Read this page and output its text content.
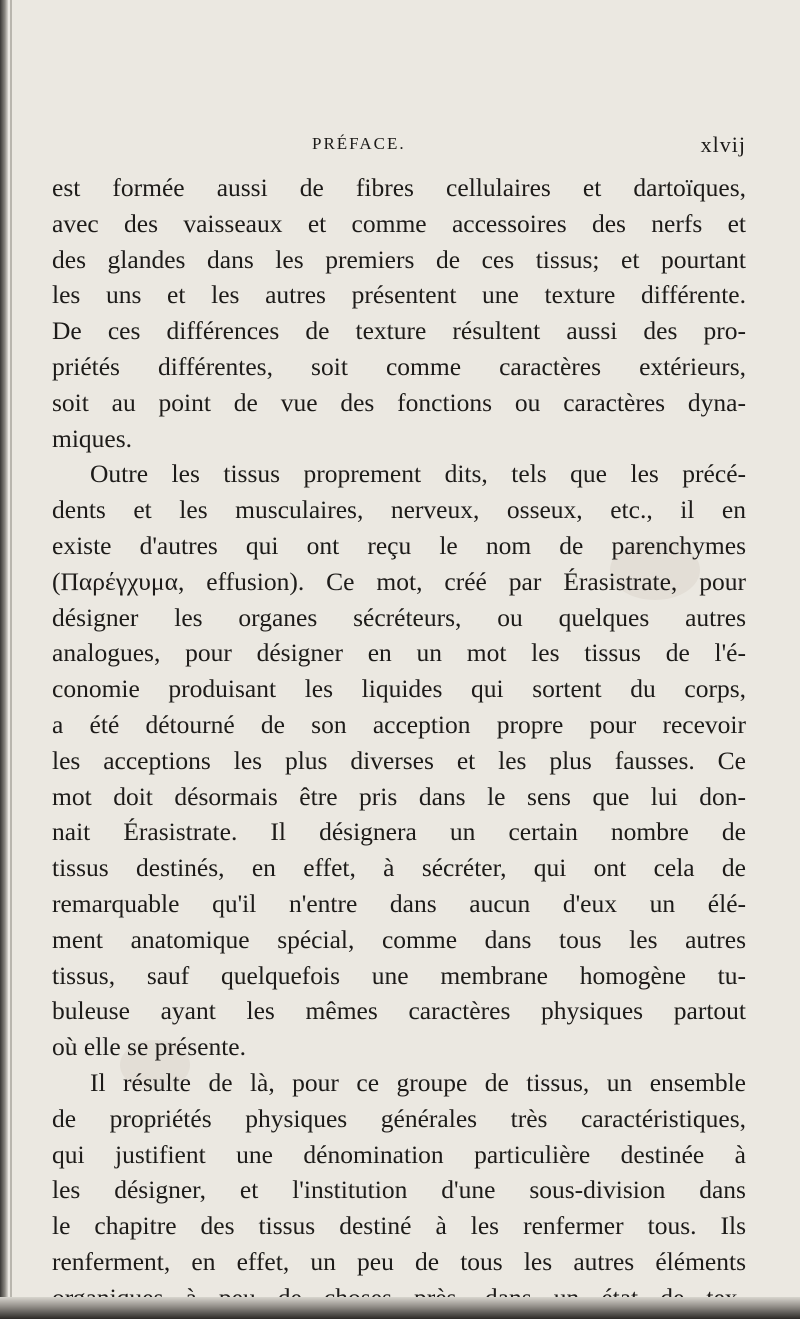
PRÉFACE.	xlvij
est formée aussi de fibres cellulaires et dartoïques,
avec des vaisseaux et comme accessoires des nerfs et
des glandes dans les premiers de ces tissus; et pourtant
les uns et les autres présentent une texture différente.
De ces différences de texture résultent aussi des pro-
priétés différentes, soit comme caractères extérieurs,
soit au point de vue des fonctions ou caractères dyna-
miques.
Outre les tissus proprement dits, tels que les précé-
dents et les musculaires, nerveux, osseux, etc., il en
existe d'autres qui ont reçu le nom de parenchymes
(Παρέγχυμα, effusion). Ce mot, créé par Érasistrate, pour
désigner les organes sécréteurs, ou quelques autres
analogues, pour désigner en un mot les tissus de l'é-
conomie produisant les liquides qui sortent du corps,
a été détourné de son acception propre pour recevoir
les acceptions les plus diverses et les plus fausses. Ce
mot doit désormais être pris dans le sens que lui don-
nait Érasistrate. Il désignera un certain nombre de
tissus destinés, en effet, à sécréter, qui ont cela de
remarquable qu'il n'entre dans aucun d'eux un élé-
ment anatomique spécial, comme dans tous les autres
tissus, sauf quelquefois une membrane homogène tu-
buleuse ayant les mêmes caractères physiques partout
où elle se présente.
Il résulte de là, pour ce groupe de tissus, un ensemble
de propriétés physiques générales très caractéristiques,
qui justifient une dénomination particulière destinée à
les désigner, et l'institution d'une sous-division dans
le chapitre des tissus destiné à les renfermer tous. Ils
renferment, en effet, un peu de tous les autres éléments
